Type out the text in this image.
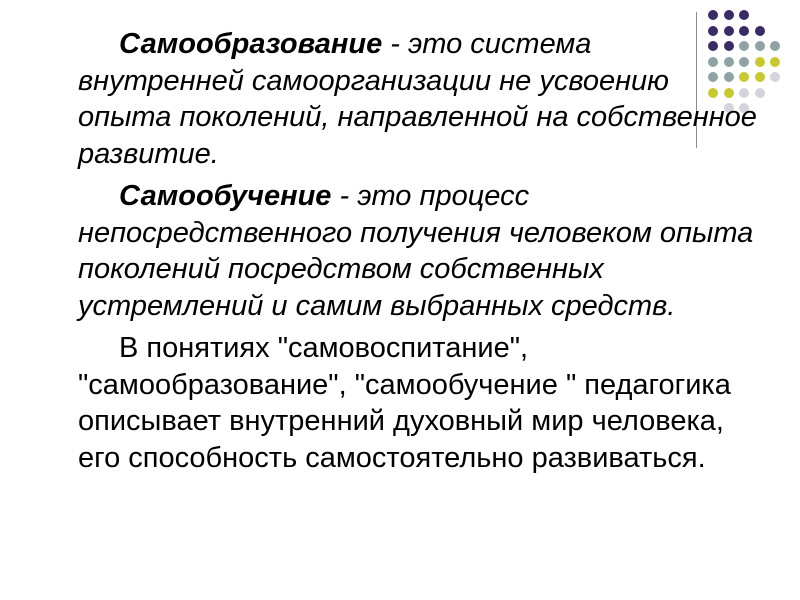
Самообразование - это система внутренней самоорганизации не усвоению опыта поколений, направленной на собственное развитие.

Самообучение - это процесс непосредственного получения человеком опыта поколений посредством собственных устремлений и самим выбранных средств.

В понятиях "самовоспитание", "самообразование", "самообучение " педагогика описывает внутренний духовный мир человека, его способность самостоятельно развиваться.
